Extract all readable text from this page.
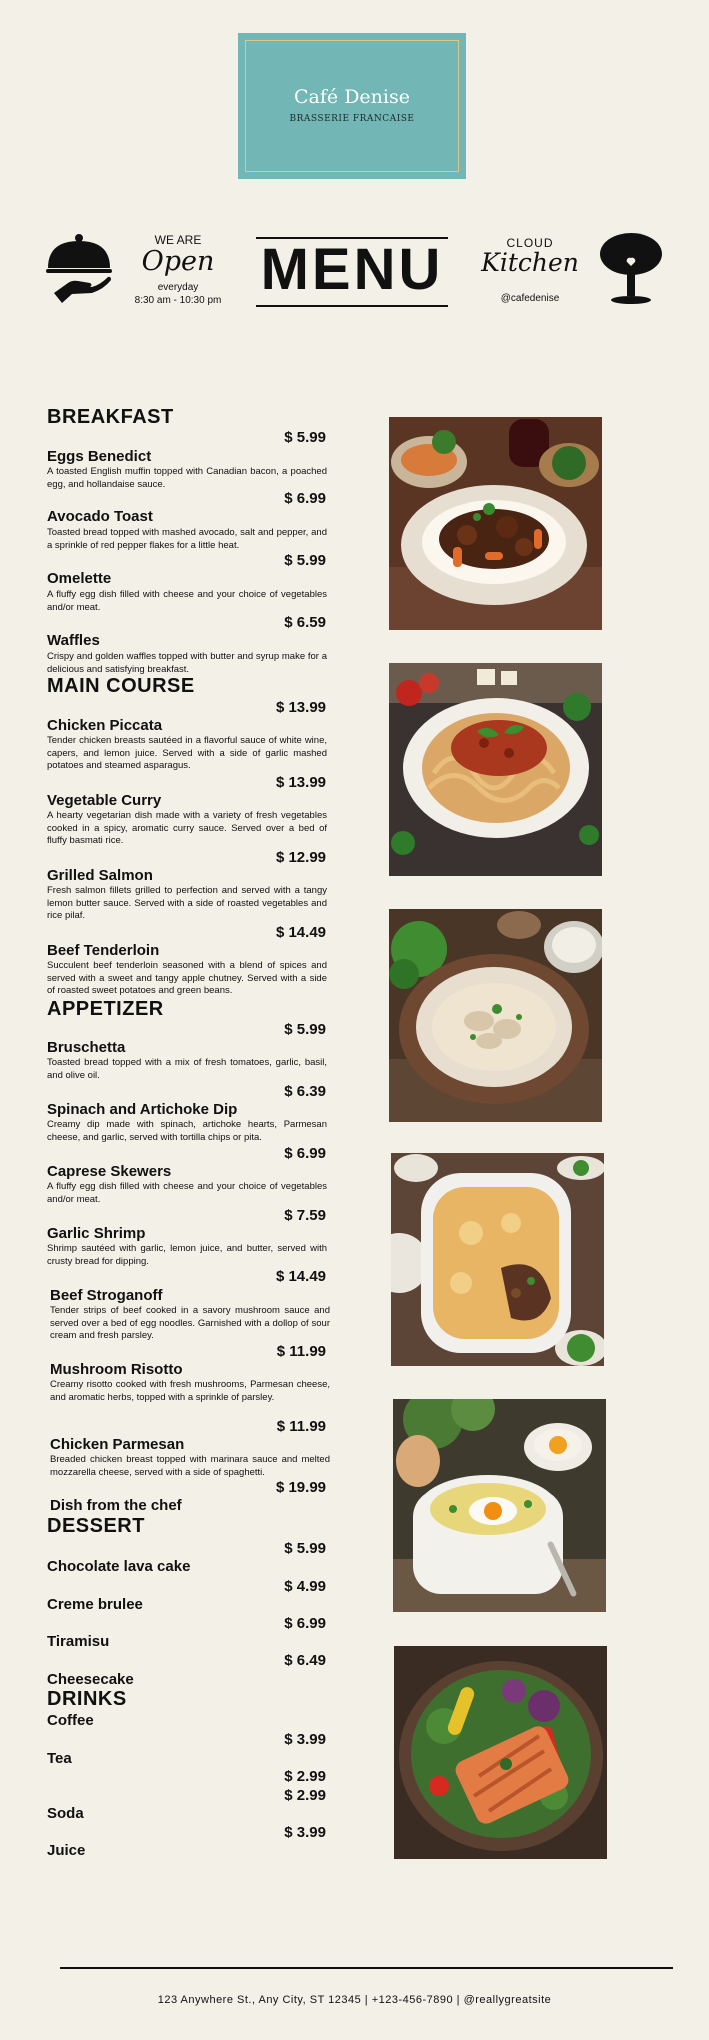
Café Denise
BRASSERIE FRANCAISE
WE ARE
Open
everyday
8:30 am - 10:30 pm MENU	CLOUD
Kitchen
@cafedenise
BREAKFAST
$ 5.99
Eggs Benedict
A toasted English muffin topped with Canadian bacon, a poached egg, and hollandaise sauce.
$ 6.99
Avocado Toast
Toasted bread topped with mashed avocado, salt and pepper, and a sprinkle of red pepper flakes for a little heat.
$ 5.99
Omelette
A fluffy egg dish filled with cheese and your choice of vegetables and/or meat.
$ 6.59
Waffles
Crispy and golden waffles topped with butter and syrup make for a delicious and satisfying breakfast.
MAIN COURSE
$ 13.99
Chicken Piccata
Tender chicken breasts sautéed in a flavorful sauce of white wine, capers, and lemon juice. Served with a side of garlic mashed potatoes and steamed asparagus.
$ 13.99
Vegetable Curry
A hearty vegetarian dish made with a variety of fresh vegetables cooked in a spicy, aromatic curry sauce. Served over a bed of fluffy basmati rice.
$ 12.99
Grilled Salmon
Fresh salmon fillets grilled to perfection and served with a tangy lemon butter sauce. Served with a side of roasted vegetables and rice pilaf.
$ 14.49
Beef Tenderloin
Succulent beef tenderloin seasoned with a blend of spices and served with a sweet and tangy apple chutney. Served with a side of roasted sweet potatoes and green beans.
APPETIZER
$ 5.99
Bruschetta
Toasted bread topped with a mix of fresh tomatoes, garlic, basil, and olive oil.
$ 6.39
Spinach and Artichoke Dip
Creamy dip made with spinach, artichoke hearts, Parmesan cheese, and garlic, served with tortilla chips or pita.
$ 6.99
Caprese Skewers
A fluffy egg dish filled with cheese and your choice of vegetables and/or meat.
$ 7.59
Garlic Shrimp
Shrimp sautéed with garlic, lemon juice, and butter, served with crusty bread for dipping.
$ 14.49
Beef Stroganoff
Tender strips of beef cooked in a savory mushroom sauce and served over a bed of egg noodles. Garnished with a dollop of sour cream and fresh parsley.
$ 11.99
Mushroom Risotto
Creamy risotto cooked with fresh mushrooms, Parmesan cheese, and aromatic herbs, topped with a sprinkle of parsley.
$ 11.99
Chicken Parmesan
Breaded chicken breast topped with marinara sauce and melted mozzarella cheese, served with a side of spaghetti.
$ 19.99
Dish from the chef
DESSERT
$ 5.99
Chocolate lava cake
$ 4.99
Creme brulee
$ 6.99
Tiramisu
$ 6.49
Cheesecake
DRINKS
Coffee
$ 3.99
Tea
$ 2.99
$ 2.99
Soda
$ 3.99
Juice
123 Anywhere St., Any City, ST 12345 | +123-456-7890 | @reallygreatsite
